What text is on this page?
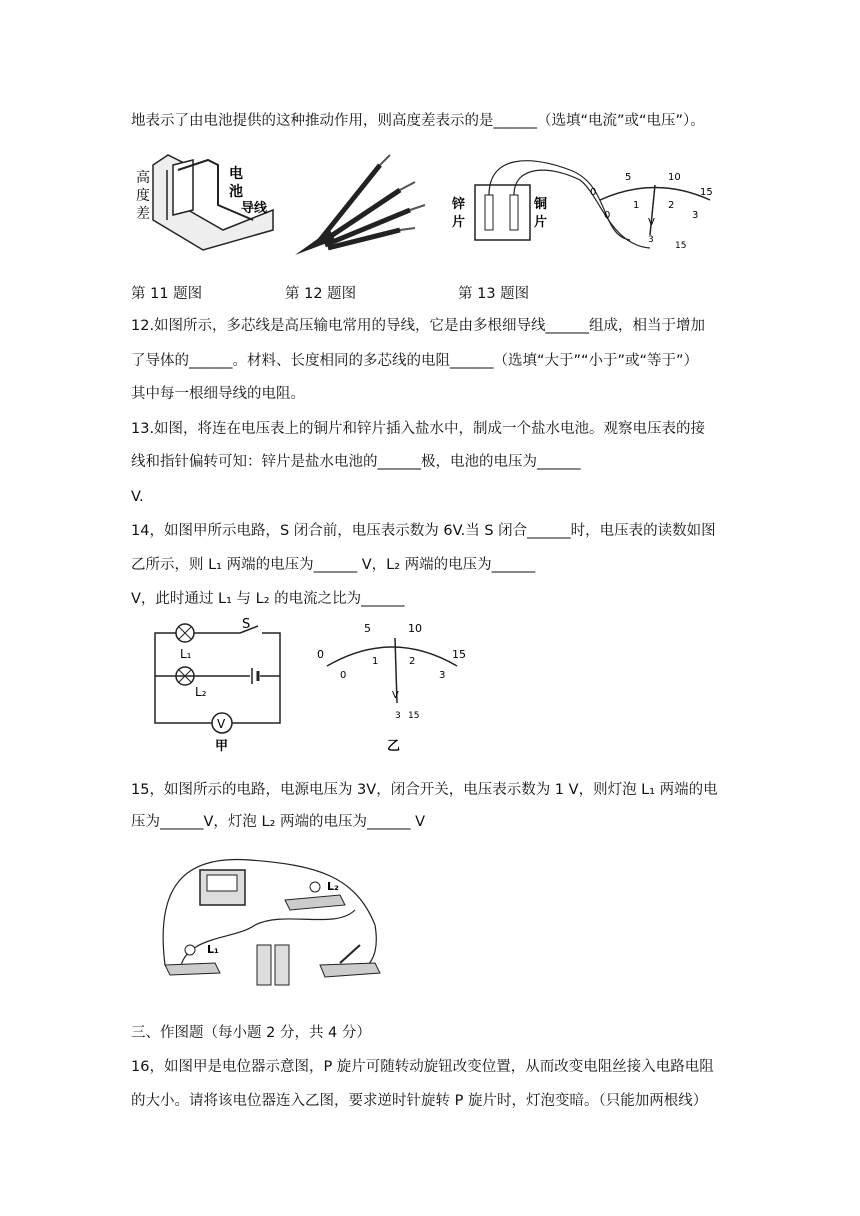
地表示了由电池提供的这种推动作用，则高度差表示的是______（选填“电流”或“电压”）。
高
度
差
电
池
导线	锌
片
铜
片
0
5	10
15
0
1	2
3
V
3
15
第 11 题图	第 12 题图	第 13 题图
12.如图所示，多芯线是高压输电常用的导线，它是由多根细导线______组成，相当于增加
了导体的______。材料、长度相同的多芯线的电阻______（选填“大于”“小于”或“等于”）
其中每一根细导线的电阻。
13.如图，将连在电压表上的铜片和锌片插入盐水中，制成一个盐水电池。观察电压表的接
线和指针偏转可知：锌片是盐水电池的______极，电池的电压为______
V.
14，如图甲所示电路，S 闭合前，电压表示数为 6V.当 S 闭合______时，电压表的读数如图
乙所示，则 L₁ 两端的电压为______ V，L₂ 两端的电压为______
V，此时通过 L₁ 与 L₂ 的电流之比为______
V
S
L₁
L₂
甲
0
5	10
15
0
1	2
3
V
3 15
乙
15，如图所示的电路，电源电压为 3V，闭合开关，电压表示数为 1 V，则灯泡 L₁ 两端的电
压为______V，灯泡 L₂ 两端的电压为______ V
L₂
L₁
三、作图题（每小题 2 分，共 4 分）
16，如图甲是电位器示意图，P 旋片可随转动旋钮改变位置，从而改变电阻丝接入电路电阻
的大小。请将该电位器连入乙图，要求逆时针旋转 P 旋片时，灯泡变暗。（只能加两根线）
